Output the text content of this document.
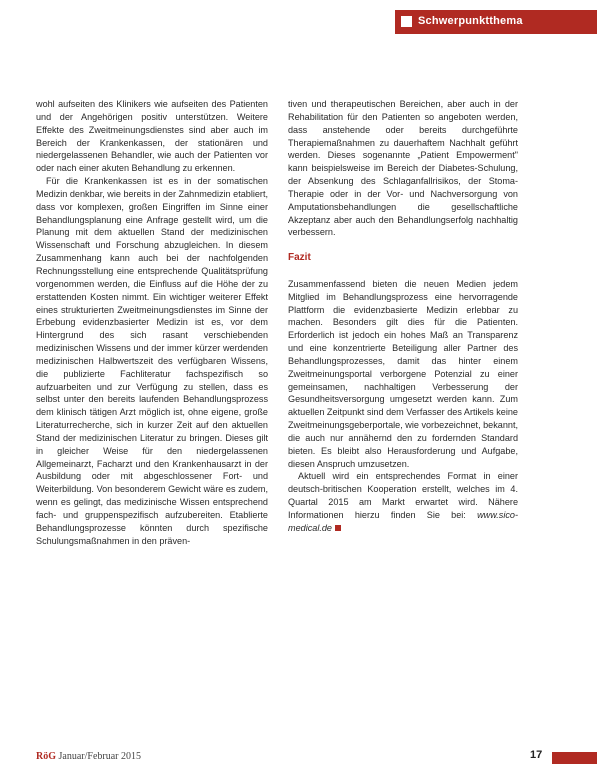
Schwerpunktthema

wohl aufseiten des Klinikers wie aufseiten des Patienten und der Angehörigen positiv unterstützen. Weitere Effekte des Zweitmeinungsdienstes sind aber auch im Bereich der Krankenkassen, der stationären und niedergelassenen Behandler, wie auch der Patienten vor oder nach einer akuten Behandlung zu erkennen.

Für die Krankenkassen ist es in der somatischen Medizin denkbar, wie bereits in der Zahnmedizin etabliert, dass vor komplexen, großen Eingriffen im Sinne einer Behandlungsplanung eine Anfrage gestellt wird, um die Planung mit dem aktuellen Stand der medizinischen Wissenschaft und Forschung abzugleichen. In diesem Zusammenhang kann auch bei der nachfolgenden Rechnungsstellung eine entsprechende Qualitätsprüfung vorgenommen werden, die Einfluss auf die Höhe der zu erstattenden Kosten nimmt. Ein wichtiger weiterer Effekt eines strukturierten Zweitmeinungsdienstes im Sinne der Erbebung evidenzbasierter Medizin ist es, vor dem Hintergrund des sich rasant verschiebenden medizinischen Wissens und der immer kürzer werdenden medizinischen Halbwertszeit des verfügbaren Wissens, die publizierte Fachliteratur fachspezifisch so aufzuarbeiten und zur Verfügung zu stellen, dass es selbst unter den bereits laufenden Behandlungsprozess dem klinisch tätigen Arzt möglich ist, ohne eigene, große Literaturrecherche, sich in kurzer Zeit auf den aktuellen Stand der medizinischen Literatur zu bringen. Dieses gilt in gleicher Weise für den niedergelassenen Allgemeinarzt, Facharzt und den Krankenhausarzt in der Ausbildung oder mit abgeschlossener Fort- und Weiterbildung. Von besonderem Gewicht wäre es zudem, wenn es gelingt, das medizinische Wissen entsprechend fach- und gruppenspezifisch aufzubereiten. Etablierte Behandlungsprozesse könnten durch spezifische Schulungsmaßnahmen in den präven-

tiven und therapeutischen Bereichen, aber auch in der Rehabilitation für den Patienten so angeboten werden, dass anstehende oder bereits durchgeführte Therapiemaßnahmen zu dauerhaftem Nachhalt geführt werden. Dieses sogenannte „Patient Empowerment" kann beispielsweise im Bereich der Diabetes-Schulung, der Absenkung des Schlaganfallrisikos, der Stoma-Therapie oder in der Vor- und Nachversorgung von Amputationsbehandlungen die gesellschaftliche Akzeptanz aber auch den Behandlungserfolg nachhaltig verbessern.

Fazit

Zusammenfassend bieten die neuen Medien jedem Mitglied im Behandlungsprozess eine hervorragende Plattform die evidenzbasierte Medizin erlebbar zu machen. Besonders gilt dies für die Patienten. Erforderlich ist jedoch ein hohes Maß an Transparenz und eine konzentrierte Beteiligung aller Partner des Behandlungsprozesses, damit das hinter einem Zweitmeinungsportal verborgene Potenzial zu einer gemeinsamen, nachhaltigen Verbesserung der Gesundheitsversorgung umgesetzt werden kann. Zum aktuellen Zeitpunkt sind dem Verfasser des Artikels keine Zweitmeinungsgeberportale, wie vorbezeichnet, bekannt, die auch nur annähernd den zu fordernden Standard bieten. Es bleibt also Herausforderung und Aufgabe, diesen Anspruch umzusetzen.

Aktuell wird ein entsprechendes Format in einer deutsch-britischen Kooperation erstellt, welches im 4. Quartal 2015 am Markt erwartet wird. Nähere Informationen hierzu finden Sie bei: www.sico-medical.de

RöG Januar/Februar 2015	17
